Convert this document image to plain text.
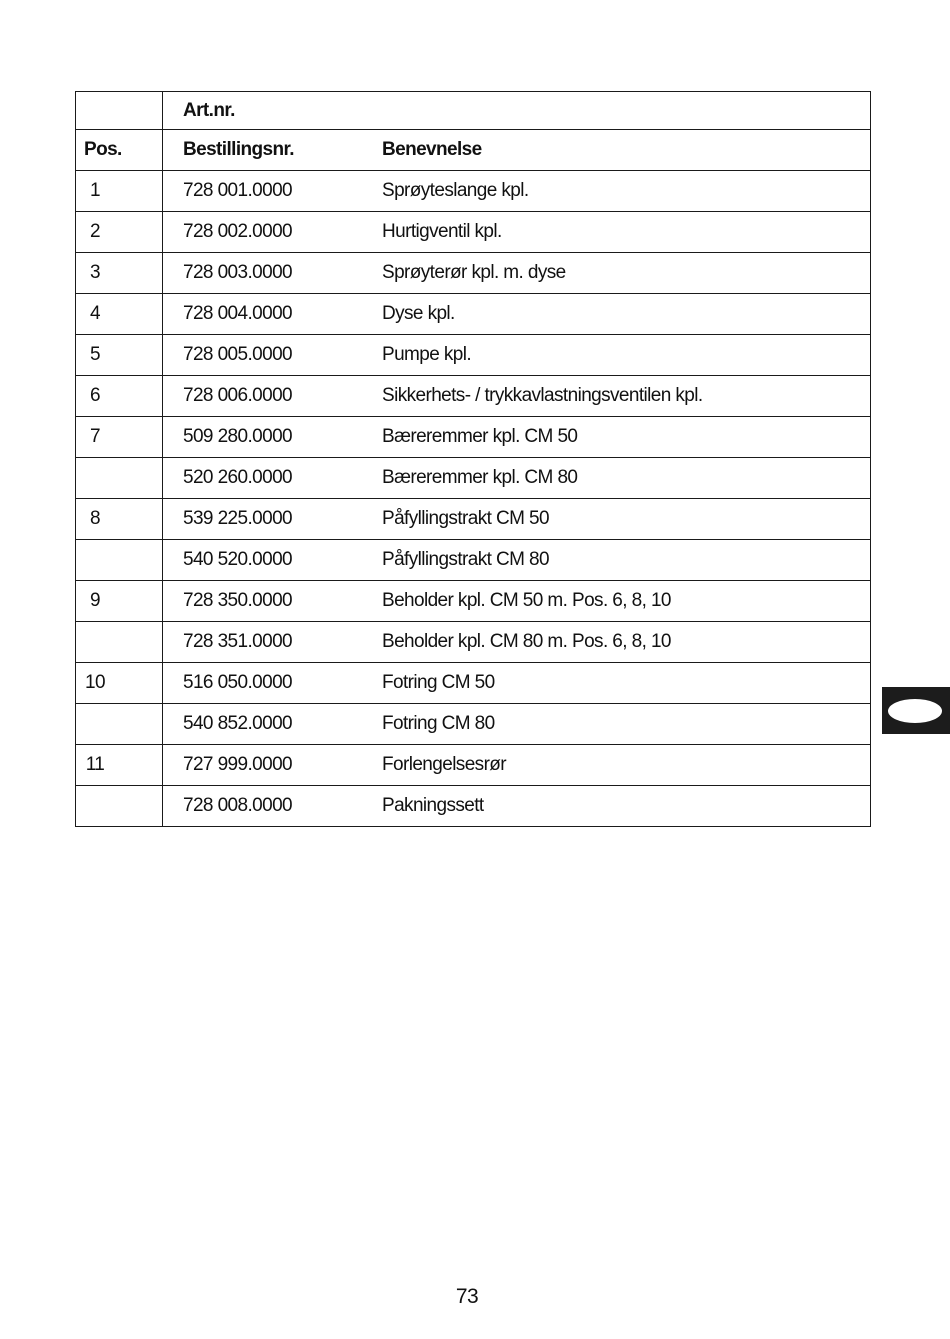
	Art.nr.
Pos.	Bestillingsnr. Benevnelse
1	728 001.0000 Sprøyteslange kpl.
2	728 002.0000 Hurtigventil kpl.
3	728 003.0000 Sprøyterør kpl. m. dyse
4	728 004.0000 Dyse kpl.
5	728 005.0000 Pumpe kpl.
6	728 006.0000 Sikkerhets- / trykkavlastningsventilen kpl.
7	509 280.0000 Bæreremmer kpl. CM 50
	520 260.0000 Bæreremmer kpl. CM 80
8	539 225.0000 Påfyllingstrakt CM 50
	540 520.0000 Påfyllingstrakt CM 80
9	728 350.0000 Beholder kpl. CM 50 m. Pos. 6, 8, 10
	728 351.0000 Beholder kpl. CM 80 m. Pos. 6, 8, 10
10	516 050.0000 Fotring CM 50
	540 852.0000 Fotring CM 80
11	727 999.0000 Forlengelsesrør
	728 008.0000 Pakningssett
73
